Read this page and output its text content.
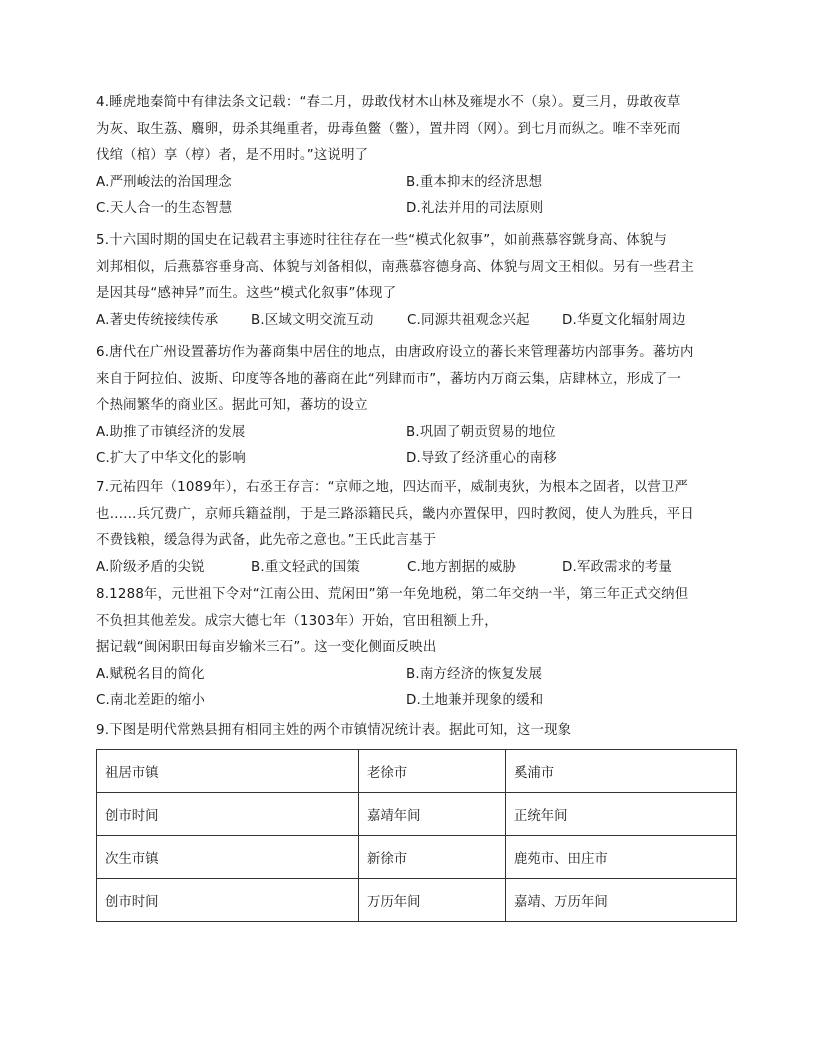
4.睡虎地秦简中有律法条文记载：“春二月，毋敢伐材木山林及雍堤水不（泉）。夏三月，毋敢夜草

为灰、取生荔、麛卵，毋杀其绳重者，毋毒鱼鳖（鳖），置井罔（网）。到七月而纵之。唯不幸死而

伐绾（棺）享（椁）者，是不用时。”这说明了

A.严刑峻法的治国理念	B.重本抑末的经济思想
C.天人合一的生态智慧	D.礼法并用的司法原则

5.十六国时期的国史在记载君主事迹时往往存在一些“模式化叙事”，如前燕慕容皝身高、体貌与

刘邦相似，后燕慕容垂身高、体貌与刘备相似，南燕慕容德身高、体貌与周文王相似。另有一些君主

是因其母“感神异”而生。这些“模式化叙事”体现了

A.著史传统接续传承	B.区域文明交流互动	C.同源共祖观念兴起	D.华夏文化辐射周边

6.唐代在广州设置蕃坊作为蕃商集中居住的地点，由唐政府设立的蕃长来管理蕃坊内部事务。蕃坊内

来自于阿拉伯、波斯、印度等各地的蕃商在此“列肆而市”，蕃坊内万商云集，店肆林立，形成了一

个热闹繁华的商业区。据此可知，蕃坊的设立

A.助推了市镇经济的发展	B.巩固了朝贡贸易的地位
C.扩大了中华文化的影响	D.导致了经济重心的南移

7.元祐四年（1089年），右丞王存言：“京师之地，四达而平，威制夷狄，为根本之固者，以营卫严

也……兵冗费广，京师兵籍益削，于是三路添籍民兵，畿内亦置保甲，四时教阅，使人为胜兵，平日

不费钱粮，缓急得为武备，此先帝之意也。”王氏此言基于

A.阶级矛盾的尖锐	B.重文轻武的国策	C.地方割据的威胁	D.军政需求的考量

8.1288年，元世祖下令对“江南公田、荒闲田”第一年免地税，第二年交纳一半，第三年正式交纳但

不负担其他差发。成宗大德七年（1303年）开始，官田租额上升，

据记载“闽闲职田每亩岁输米三石”。这一变化侧面反映出

A.赋税名目的简化	B.南方经济的恢复发展
C.南北差距的缩小	D.土地兼并现象的缓和

9.下图是明代常熟县拥有相同主姓的两个市镇情况统计表。据此可知，这一现象

祖居市镇	老徐市	奚浦市
创市时间	嘉靖年间	正统年间
次生市镇	新徐市	鹿苑市、田庄市
创市时间	万历年间	嘉靖、万历年间
